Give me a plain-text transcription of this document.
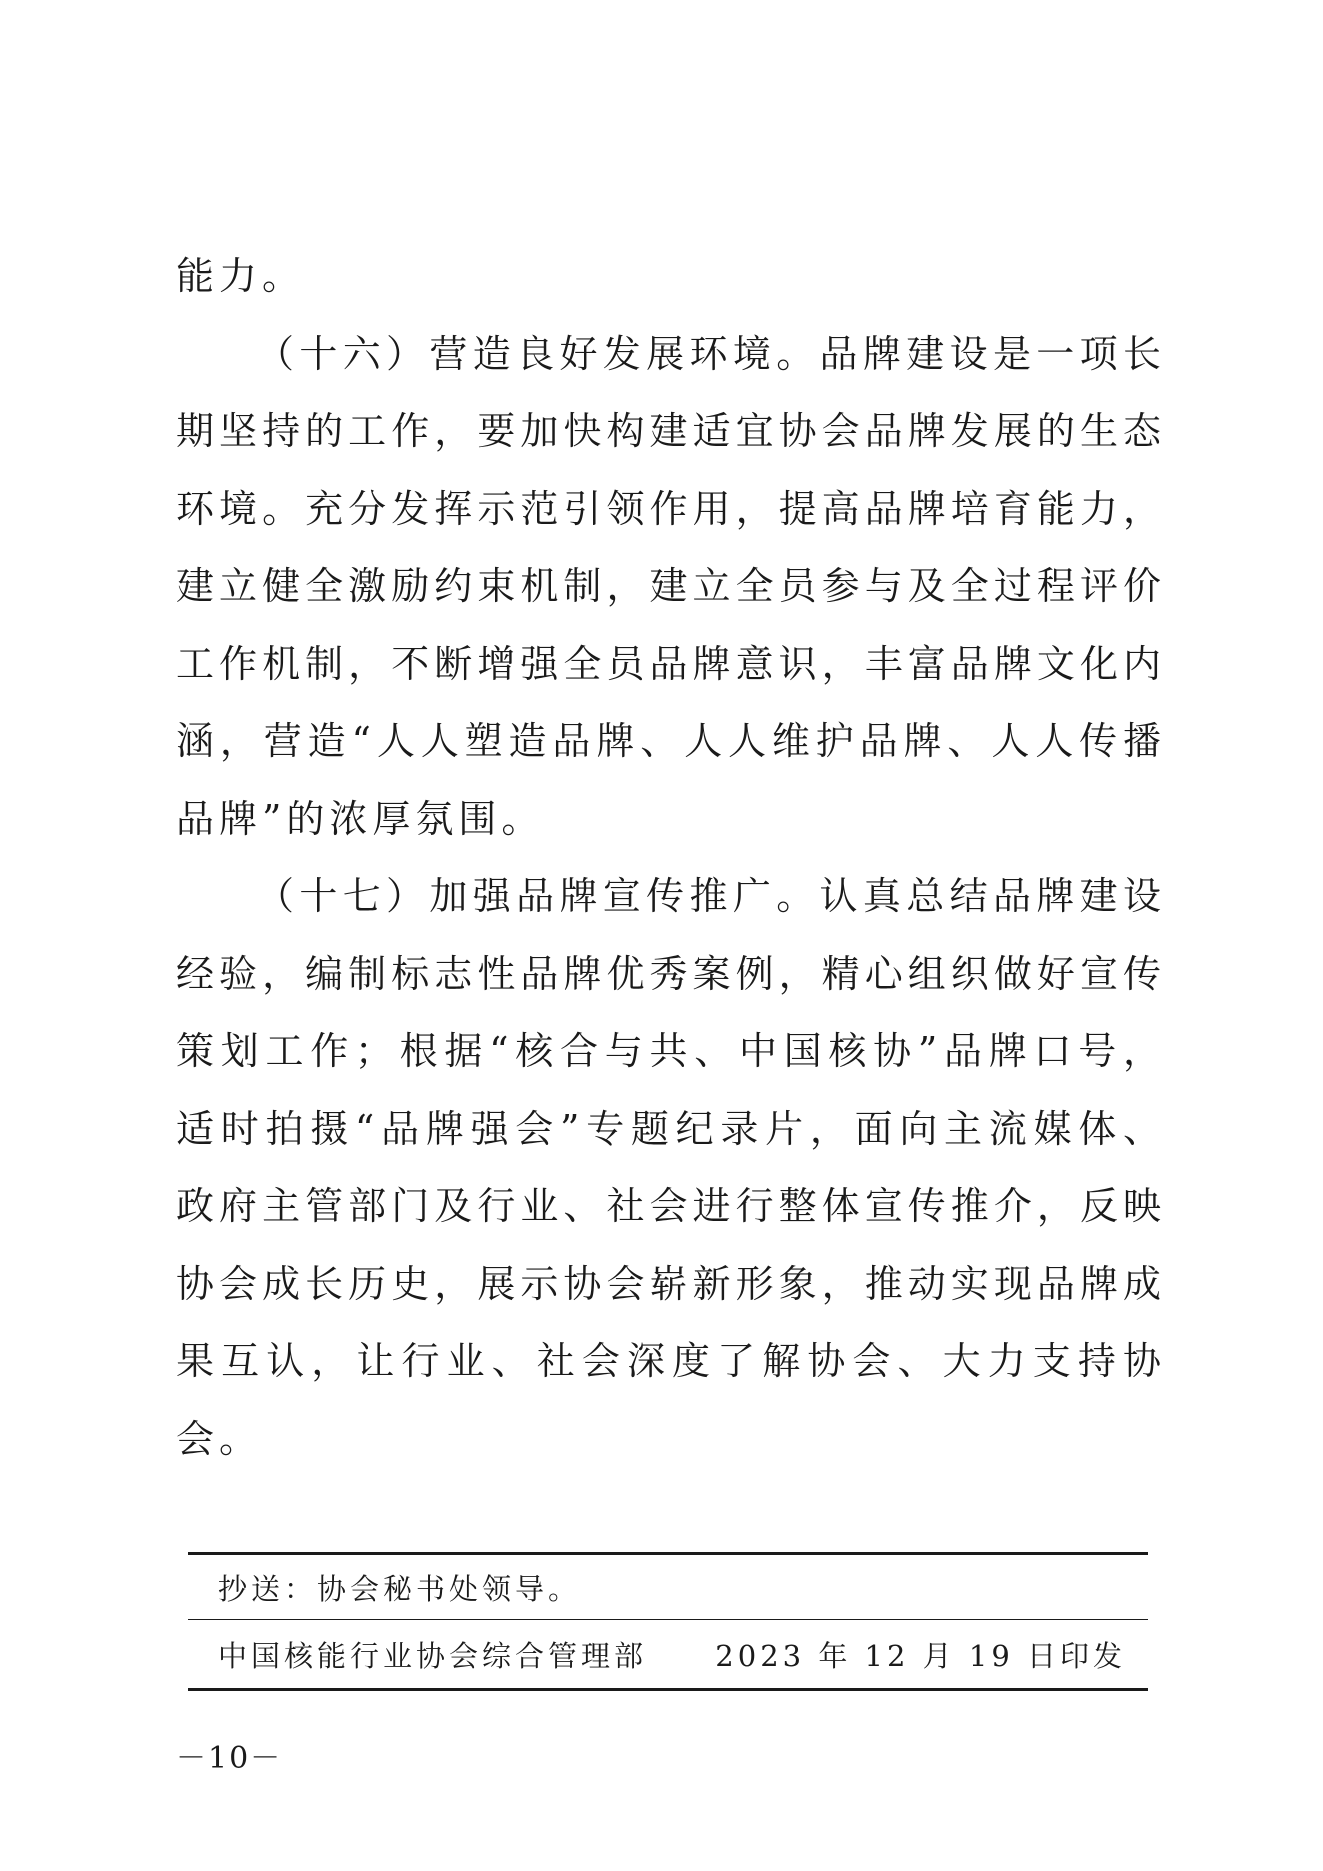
能力。

（十六）营造良好发展环境。品牌建设是一项长期坚持的工作，要加快构建适宜协会品牌发展的生态环境。充分发挥示范引领作用，提高品牌培育能力，建立健全激励约束机制，建立全员参与及全过程评价工作机制，不断增强全员品牌意识，丰富品牌文化内涵，营造“人人塑造品牌、人人维护品牌、人人传播品牌”的浓厚氛围。

（十七）加强品牌宣传推广。认真总结品牌建设经验，编制标志性品牌优秀案例，精心组织做好宣传策划工作；根据“核合与共、中国核协”品牌口号，适时拍摄“品牌强会”专题纪录片，面向主流媒体、政府主管部门及行业、社会进行整体宣传推介，反映协会成长历史，展示协会崭新形象，推动实现品牌成果互认，让行业、社会深度了解协会、大力支持协会。

抄送：协会秘书处领导。
中国核能行业协会综合管理部 2023 年 12 月 19 日印发
－10－
